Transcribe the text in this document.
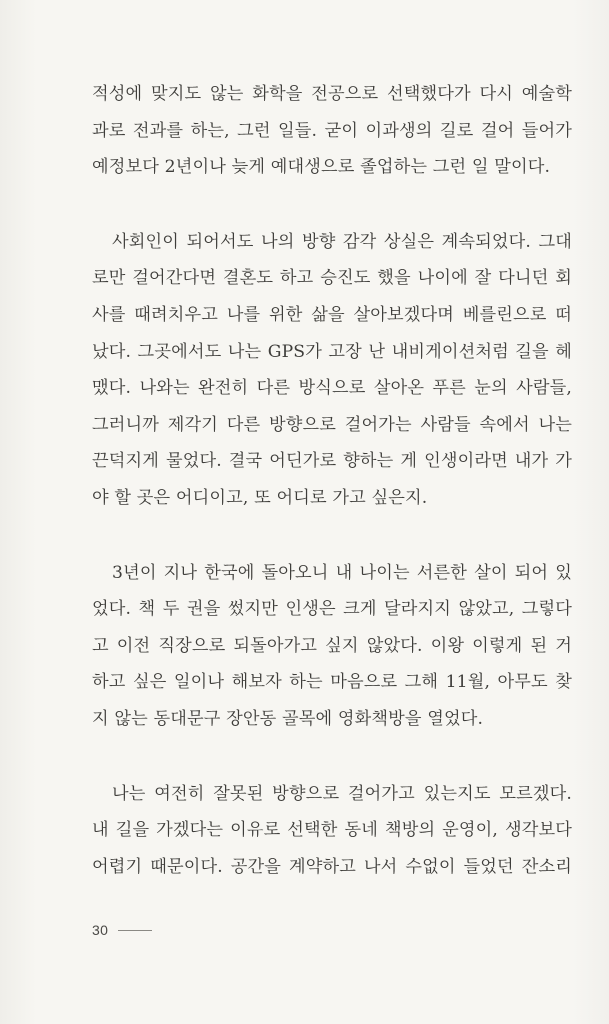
적성에 맞지도 않는 화학을 전공으로 선택했다가 다시 예술학
과로 전과를 하는, 그런 일들. 굳이 이과생의 길로 걸어 들어가
예정보다 2년이나 늦게 예대생으로 졸업하는 그런 일 말이다.

사회인이 되어서도 나의 방향 감각 상실은 계속되었다. 그대
로만 걸어간다면 결혼도 하고 승진도 했을 나이에 잘 다니던 회
사를 때려치우고 나를 위한 삶을 살아보겠다며 베를린으로 떠
났다. 그곳에서도 나는 GPS가 고장 난 내비게이션처럼 길을 헤
맸다. 나와는 완전히 다른 방식으로 살아온 푸른 눈의 사람들,
그러니까 제각기 다른 방향으로 걸어가는 사람들 속에서 나는
끈덕지게 물었다. 결국 어딘가로 향하는 게 인생이라면 내가 가
야 할 곳은 어디이고, 또 어디로 가고 싶은지.

3년이 지나 한국에 돌아오니 내 나이는 서른한 살이 되어 있
었다. 책 두 권을 썼지만 인생은 크게 달라지지 않았고, 그렇다
고 이전 직장으로 되돌아가고 싶지 않았다. 이왕 이렇게 된 거
하고 싶은 일이나 해보자 하는 마음으로 그해 11월, 아무도 찾
지 않는 동대문구 장안동 골목에 영화책방을 열었다.

나는 여전히 잘못된 방향으로 걸어가고 있는지도 모르겠다.
내 길을 가겠다는 이유로 선택한 동네 책방의 운영이, 생각보다
어렵기 때문이다. 공간을 계약하고 나서 수없이 들었던 잔소리

30
